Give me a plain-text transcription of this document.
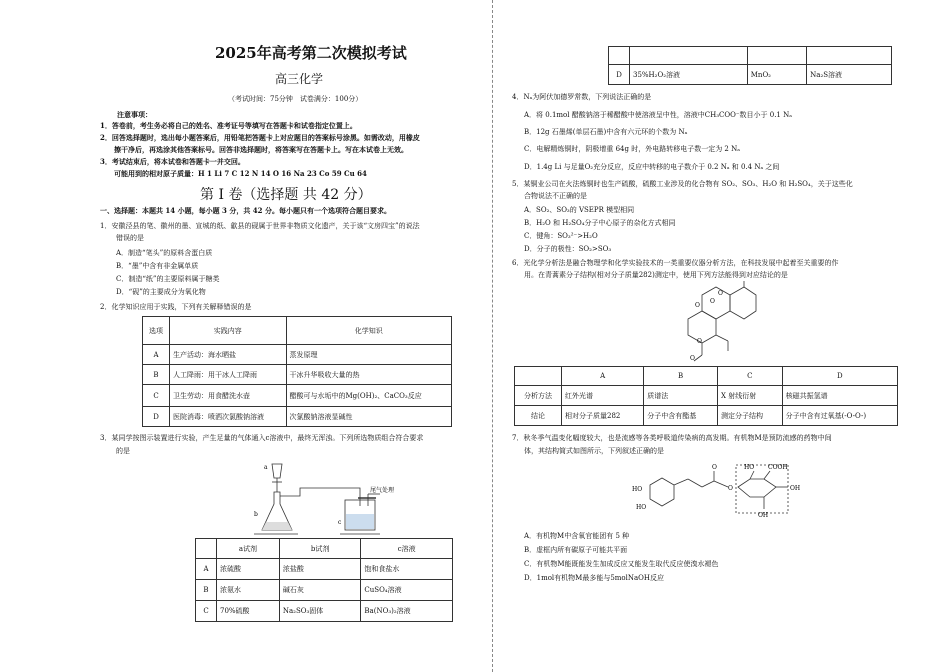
2025年高考第二次模拟考试
高三化学
（考试时间：75分钟　试卷满分：100分）
注意事项：
1．答卷前，考生务必将自己的姓名、准考证号等填写在答题卡和试卷指定位置上。
2．回答选择题时，选出每小题答案后，用铅笔把答题卡上对应题目的答案标号涂黑。如需改动，用橡皮
擦干净后，再选涂其他答案标号。回答非选择题时，将答案写在答题卡上。写在本试卷上无效。
3．考试结束后，将本试卷和答题卡一并交回。
可能用到的相对原子质量：H 1 Li 7 C 12 N 14 O 16 Na 23 Co 59 Cu 64
第 I 卷（选择题 共 42 分）
一、选择题：本题共 14 小题，每小题 3 分，共 42 分。每小题只有一个选项符合题目要求。
1．安徽泾县的笔、徽州的墨、宣城的纸、歙县的砚属于世界非物质文化遗产，关于该“文房四宝”的说法
错误的是
A．制造“笔头”的原料含蛋白质
B．“墨”中含有非金属单质
C．制造“纸”的主要原料属于糖类
D．“砚”的主要成分为氧化物
2．化学知识应用于实践，下列有关解释错误的是
选项	实践内容	化学知识
A	生产活动：海水晒盐	蒸发原理
B	人工降雨：用干冰人工降雨	干冰升华吸收大量的热
C	卫生劳动：用食醋洗水壶	醋酸可与水垢中的Mg(OH)₂、CaCO₃反应
D	医院消毒：喷洒次氯酸钠溶液	次氯酸钠溶液显碱性
3．某同学按图示装置进行实验，产生足量的气体通入c溶液中，最终无浑浊。下列所选物质组合符合要求
的是
a
b
c
尾气处理
	a试剂	b试剂	c溶液
A	浓硫酸	浓盐酸	饱和食盐水
B	浓氨水	碱石灰	CuSO₄溶液
C	70%硫酸	Na₂SO₃固体	Ba(NO₃)₂溶液

D	35%H₂O₂溶液	MnO₂	Na₂S溶液
4．Nₐ为阿伏加德罗常数，下列说法正确的是
A．将 0.1mol 醋酸钠溶于稀醋酸中使溶液呈中性，溶液中CH₃COO⁻数目小于 0.1 Nₐ
B．12g 石墨烯(单层石墨)中含有六元环的个数为 Nₐ
C．电解精炼铜时，阴极增重 64g 时，外电路转移电子数一定为 2 Nₐ
D．1.4g Li 与足量O₂充分反应，反应中转移的电子数介于 0.2 Nₐ 和 0.4 Nₐ 之间
5．某铜业公司在火法炼铜时也生产硫酸，硫酸工业涉及的化合物有 SO₂、SO₃、H₂O 和 H₂SO₄，关于这些化
合物说法不正确的是
A．SO₂、SO₃的 VSEPR 模型相同
B．H₂O 和 H₂SO₄分子中心原子的杂化方式相同
C．键角：SO₃²⁻>H₂O
D．分子的极性：SO₂>SO₃
6．光化学分析法是融合物理学和化学实验技术的一类重要仪器分析方法，在科技发展中起着至关重要的作
用。在青蒿素分子结构(相对分子质量282)测定中，使用下列方法能得到对应结论的是
O
O
O
O
O
	A	B	C	D
分析方法	红外光谱	质谱法	X 射线衍射	核磁共振氢谱
结论	相对分子质量282	分子中含有酯基	测定分子结构	分子中含有过氧基(-O-O-)
7．秋冬季气温变化幅度较大，也是流感等各类呼吸道传染病的高发期。有机物M是预防流感的药物中间
体，其结构简式如图所示，下列叙述正确的是
HO
HO
O
O
HO COOH
OH
OH
A．有机物M中含氧官能团有 5 种
B．虚框内所有碳原子可能共平面
C．有机物M能既能发生加成反应又能发生取代反应使溴水褪色
D．1mol有机物M最多能与5molNaOH反应
